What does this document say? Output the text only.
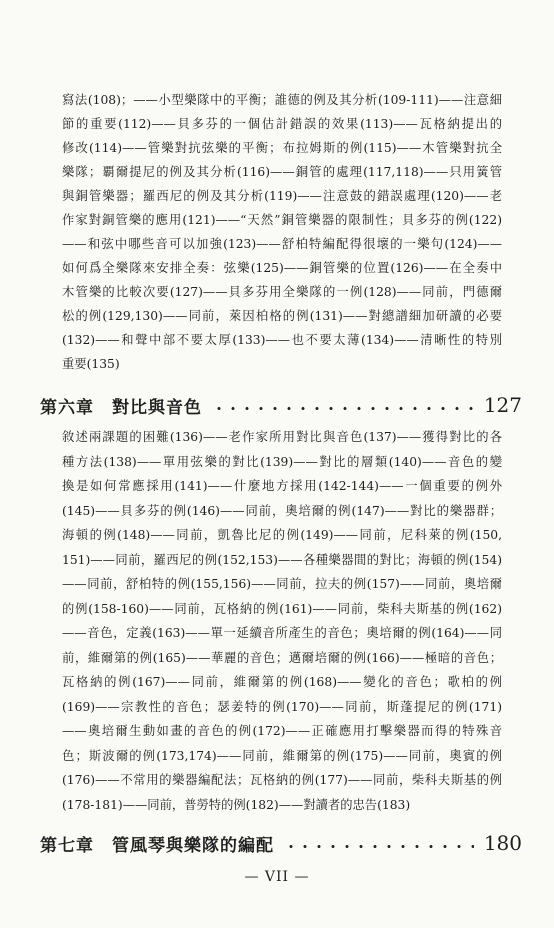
寫法(108)；——小型樂隊中的平衡；誰德的例及其分析(109-111)——注意細
節的重要(112)——貝多芬的一個估計錯誤的效果(113)——瓦格納提出的
修改(114)——管樂對抗弦樂的平衡；布拉姆斯的例(115)——木管樂對抗全
樂隊；覇爾提尼的例及其分析(116)——銅管的處理(117,118)——只用簧管
與銅管樂器；羅西尼的例及其分析(119)——注意鼓的錯誤處理(120)——老
作家對銅管樂的應用(121)——“天然”銅管樂器的限制性；貝多芬的例(122)
——和弦中哪些音可以加強(123)——舒柏特編配得很壞的一樂句(124)——
如何爲全樂隊來安排全奏：弦樂(125)——銅管樂的位置(126)——在全奏中
木管樂的比較次要(127)——貝多芬用全樂隊的一例(128)——同前，門德爾
松的例(129,130)——同前，萊因柏格的例(131)——對總譜細加研讀的必要
(132)——和聲中部不要太厚(133)——也不要太薄(134)——清晰性的特別
重要(135)
第六章　對比與音色	127
敘述兩課題的困難(136)——老作家所用對比與音色(137)——獲得對比的各
種方法(138)——單用弦樂的對比(139)——對比的層類(140)——音色的變
換是如何常應採用(141)——什麼地方採用(142-144)——一個重要的例外
(145)——貝多芬的例(146)——同前，奧培爾的例(147)——對比的樂器群；
海頓的例(148)——同前，凱魯比尼的例(149)——同前，尼科萊的例(150,
151)——同前，羅西尼的例(152,153)——各種樂器間的對比；海頓的例(154)
——同前，舒柏特的例(155,156)——同前，拉夫的例(157)——同前，奧培爾
的例(158-160)——同前，瓦格納的例(161)——同前，柴科夫斯基的例(162)
——音色，定義(163)——單一延續音所產生的音色；奧培爾的例(164)——同
前，維爾第的例(165)——華麗的音色；邁爾培爾的例(166)——極暗的音色；
瓦格納的例(167)——同前，維爾第的例(168)——變化的音色；歌柏的例
(169)——宗教性的音色；瑟姜特的例(170)——同前，斯蓬提尼的例(171)
——奧培爾生動如畫的音色的例(172)——正確應用打擊樂器而得的特殊音
色；斯波爾的例(173,174)——同前，維爾第的例(175)——同前，奧賓的例
(176)——不常用的樂器編配法；瓦格納的例(177)——同前，柴科夫斯基的例
(178-181)——同前，普勞特的例(182)——對讀者的忠告(183)
第七章　管風琴與樂隊的編配	180
— VII —
